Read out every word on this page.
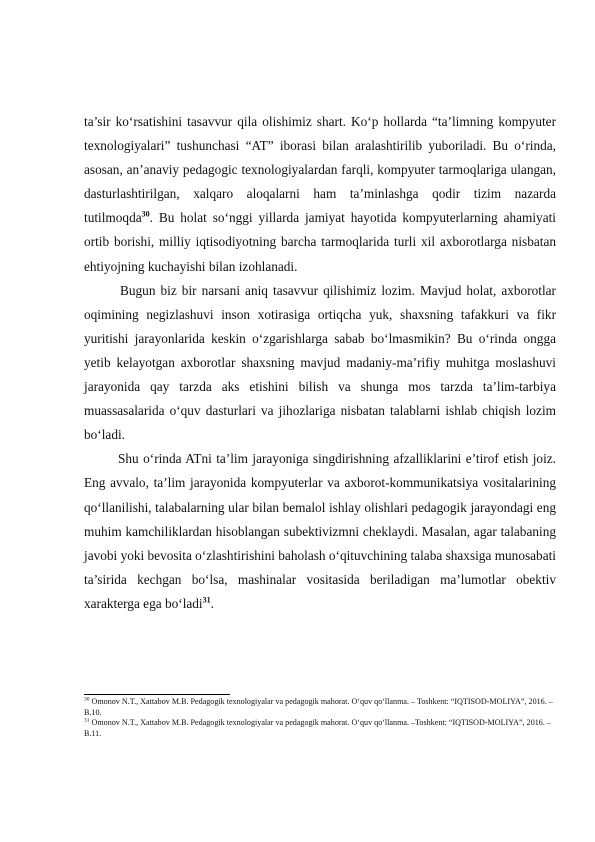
ta’sir ko‘rsatishini tasavvur qila olishimiz shart. Ko‘p hollarda “ta’limning kompyuter texnologiyalari” tushunchasi “AT” iborasi bilan aralashtirilib yuboriladi. Bu o‘rinda, asosan, an’anaviy pedagogic texnologiyalardan farqli, kompyuter tarmoqlariga ulangan, dasturlashtirilgan, xalqaro aloqalarni ham ta’minlashga qodir tizim nazarda tutilmoqda$^{30}$. Bu holat so‘nggi yillarda jamiyat hayotida kompyuterlarning ahamiyati ortib borishi, milliy iqtisodiyotning barcha tarmoqlarida turli xil axborotlarga nisbatan ehtiyojning kuchayishi bilan izohlanadi.

Bugun biz bir narsani aniq tasavvur qilishimiz lozim. Mavjud holat, axborotlar oqimining negizlashuvi inson xotirasiga ortiqcha yuk, shaxsning tafakkuri va fikr yuritishi jarayonlarida keskin o‘zgarishlarga sabab bo‘lmasmikin? Bu o‘rinda ongga yetib kelayotgan axborotlar shaxsning mavjud madaniy-ma’rifiy muhitga moslashuvi jarayonida qay tarzda aks etishini bilish va shunga mos tarzda ta’lim-tarbiya muassasalarida o‘quv dasturlari va jihozlariga nisbatan talablarni ishlab chiqish lozim bo‘ladi.

Shu o‘rinda ATni ta’lim jarayoniga singdirishning afzalliklarini e’tirof etish joiz. Eng avvalo, ta’lim jarayonida kompyuterlar va axborot-kommunikatsiya vositalarining qo‘llanilishi, talabalarning ular bilan bemalol ishlay olishlari pedagogik jarayondagi eng muhim kamchiliklardan hisoblangan subektivizmni cheklaydi. Masalan, agar talabaning javobi yoki bevosita o‘zlashtirishini baholash o‘qituvchining talaba shaxsiga munosabati ta’sirida kechgan bo‘lsa, mashinalar vositasida beriladigan ma’lumotlar obektiv xarakterga ega bo‘ladi$^{31}$.

$^{30}$ Omonov N.T., Xattabov M.B. Pedagogik texnologiyalar va pedagogik mahorat. O‘quv qo‘llanma. – Toshkent: “IQTISOD-MOLIYA”, 2016. –B.10.

$^{31}$ Omonov N.T., Xattabov M.B. Pedagogik texnologiyalar va pedagogik mahorat. O‘quv qo‘llanma. –Toshkent: “IQTISOD-MOLIYA”, 2016. – B.11.
